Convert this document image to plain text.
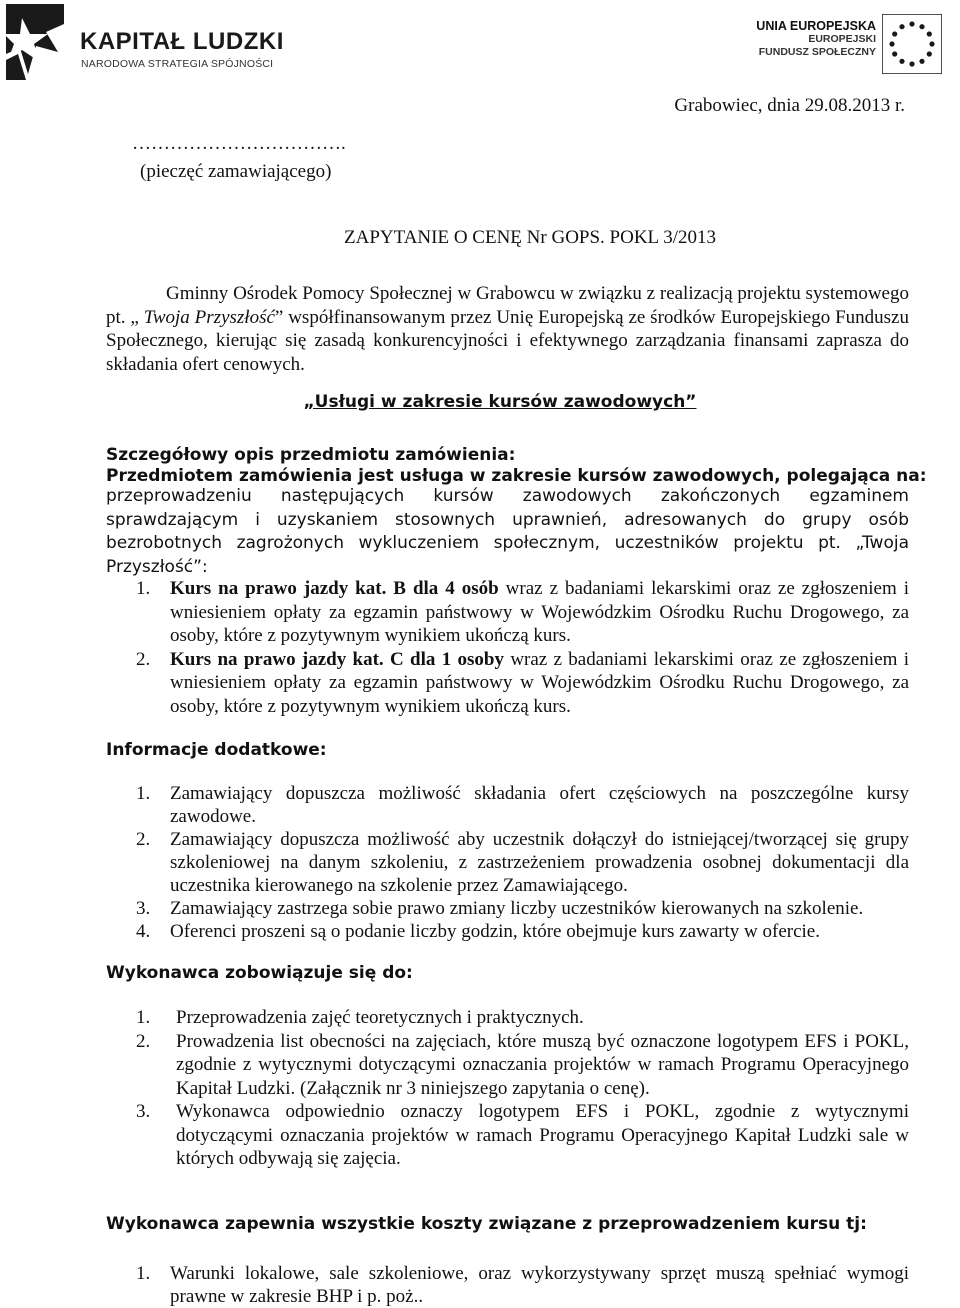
KAPITAŁ LUDZKI
NARODOWA STRATEGIA SPÓJNOŚCI
UNIA EUROPEJSKA
EUROPEJSKI
FUNDUSZ SPOŁECZNY
Grabowiec, dnia 29.08.2013 r.
…………………………….
(pieczęć zamawiającego)
ZAPYTANIE O CENĘ Nr GOPS. POKL 3/2013
Gminny Ośrodek Pomocy Społecznej w Grabowcu w związku z realizacją projektu systemowego pt. „ Twoja Przyszłość” współfinansowanym przez Unię Europejską ze środków Europejskiego Funduszu Społecznego, kierując się zasadą konkurencyjności i efektywnego zarządzania finansami zaprasza do składania ofert cenowych.
„Usługi w zakresie kursów zawodowych”
Szczegółowy opis przedmiotu zamówienia:
Przedmiotem zamówienia jest usługa w zakresie kursów zawodowych, polegająca na:
przeprowadzeniu następujących kursów zawodowych zakończonych egzaminem sprawdzającym i uzyskaniem stosownych uprawnień, adresowanych do grupy osób bezrobotnych zagrożonych wykluczeniem społecznym, uczestników projektu pt. „Twoja Przyszłość”:
1. Kurs na prawo jazdy kat. B dla 4 osób wraz z badaniami lekarskimi oraz ze zgłoszeniem i wniesieniem opłaty za egzamin państwowy w Wojewódzkim Ośrodku Ruchu Drogowego, za osoby, które z pozytywnym wynikiem ukończą kurs.
2. Kurs na prawo jazdy kat. C dla 1 osoby wraz z badaniami lekarskimi oraz ze zgłoszeniem i wniesieniem opłaty za egzamin państwowy w Wojewódzkim Ośrodku Ruchu Drogowego, za osoby, które z pozytywnym wynikiem ukończą kurs.
Informacje dodatkowe:
1. Zamawiający dopuszcza możliwość składania ofert częściowych na poszczególne kursy zawodowe.
2. Zamawiający dopuszcza możliwość aby uczestnik dołączył do istniejącej/tworzącej się grupy szkoleniowej na danym szkoleniu, z zastrzeżeniem prowadzenia osobnej dokumentacji dla uczestnika kierowanego na szkolenie przez Zamawiającego.
3. Zamawiający zastrzega sobie prawo zmiany liczby uczestników kierowanych na szkolenie.
4. Oferenci proszeni są o podanie liczby godzin, które obejmuje kurs zawarty w ofercie.
Wykonawca zobowiązuje się do:
1. Przeprowadzenia zajęć teoretycznych i praktycznych.
2. Prowadzenia list obecności na zajęciach, które muszą być oznaczone logotypem EFS i POKL, zgodnie z wytycznymi dotyczącymi oznaczania projektów w ramach Programu Operacyjnego Kapitał Ludzki. (Załącznik nr 3 niniejszego zapytania o cenę).
3. Wykonawca odpowiednio oznaczy logotypem EFS i POKL, zgodnie z wytycznymi dotyczącymi oznaczania projektów w ramach Programu Operacyjnego Kapitał Ludzki sale w których odbywają się zajęcia.
Wykonawca zapewnia wszystkie koszty związane z przeprowadzeniem kursu tj:
1. Warunki lokalowe, sale szkoleniowe, oraz wykorzystywany sprzęt muszą spełniać wymogi prawne w zakresie BHP i p. poż..
